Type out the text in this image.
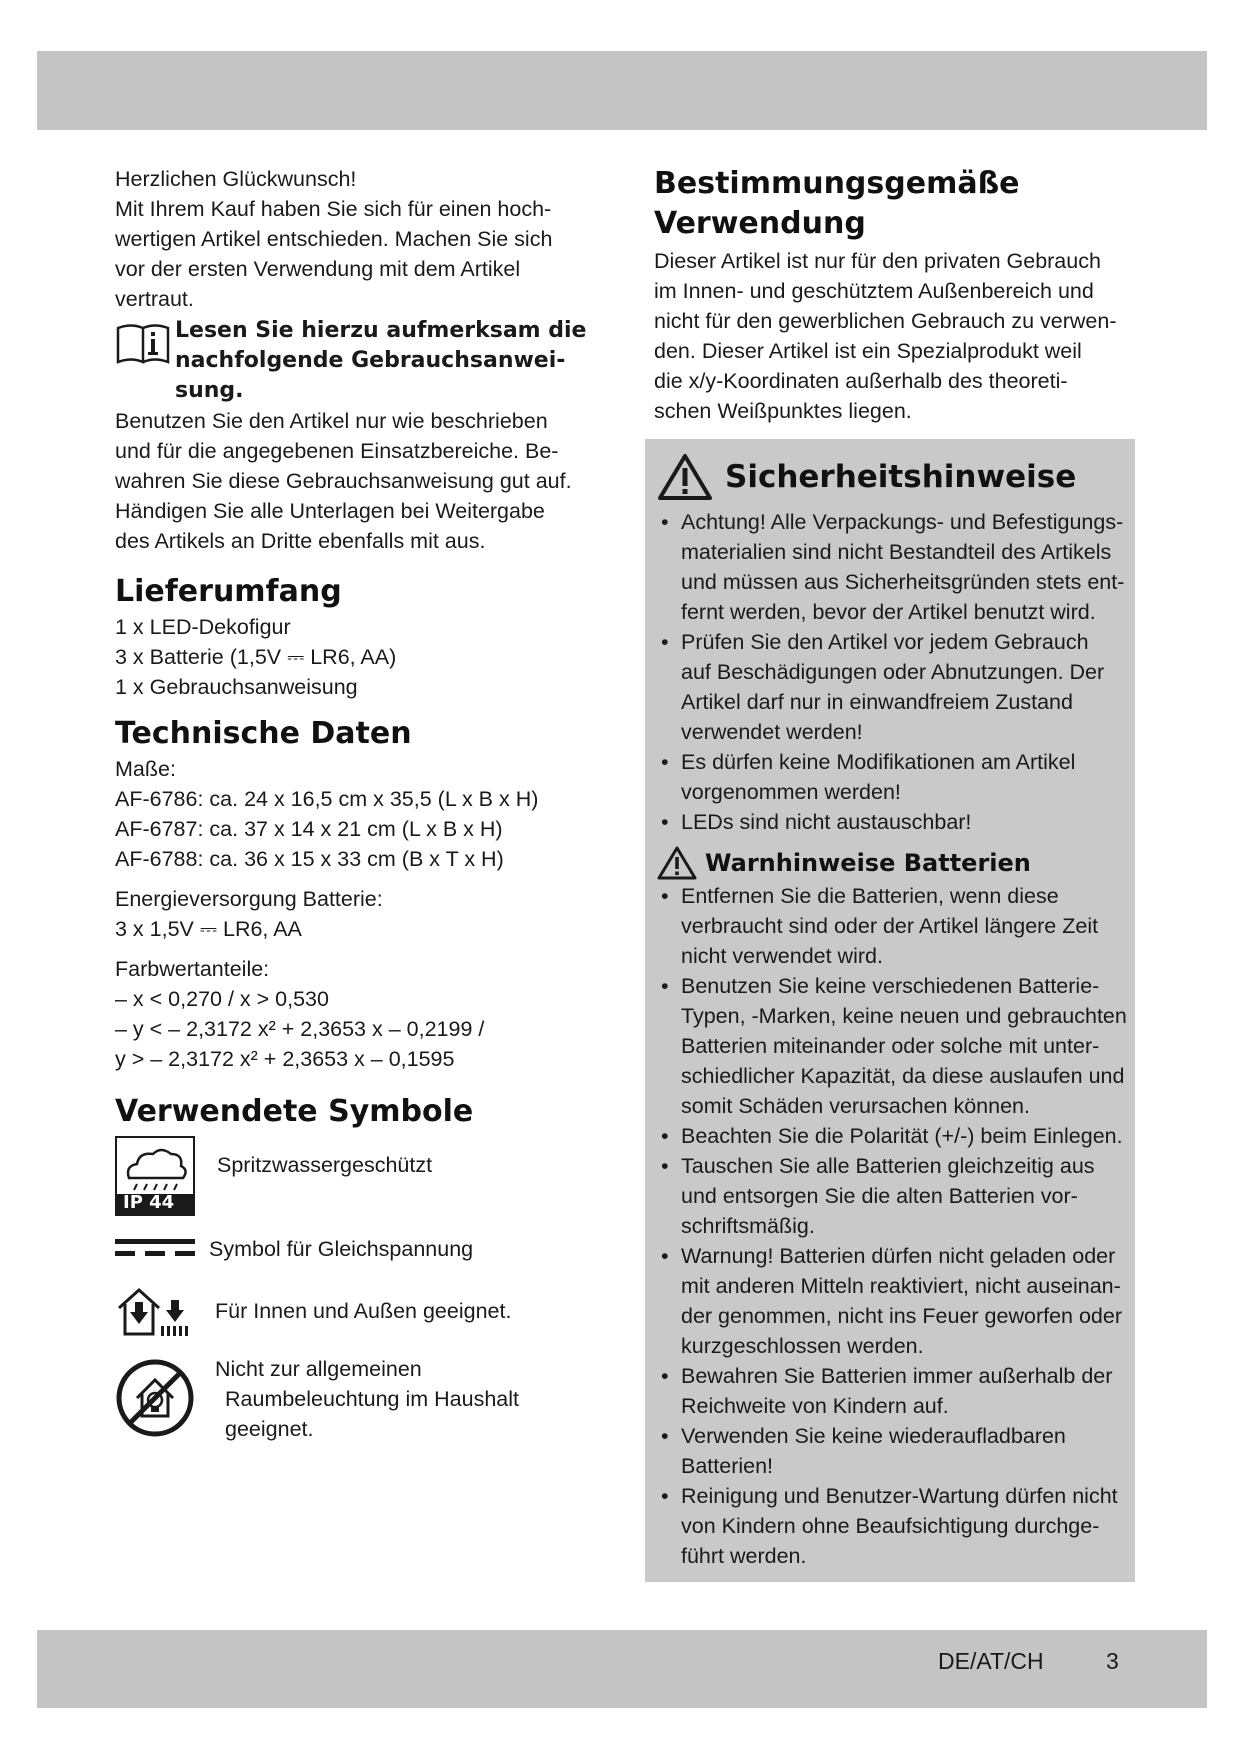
Herzlichen Glückwunsch!
Mit Ihrem Kauf haben Sie sich für einen hoch-
wertigen Artikel entschieden. Machen Sie sich
vor der ersten Verwendung mit dem Artikel
vertraut.
Lesen Sie hierzu aufmerksam die
nachfolgende Gebrauchsanwei-
sung.
Benutzen Sie den Artikel nur wie beschrieben
und für die angegebenen Einsatzbereiche. Be-
wahren Sie diese Gebrauchsanweisung gut auf.
Händigen Sie alle Unterlagen bei Weitergabe
des Artikels an Dritte ebenfalls mit aus.
Lieferumfang
1 x LED-Dekofigur
3 x Batterie (1,5V ⎓ LR6, AA)
1 x Gebrauchsanweisung
Technische Daten
Maße:
AF-6786: ca. 24 x 16,5 cm x 35,5 (L x B x H)
AF-6787: ca. 37 x 14 x 21 cm (L x B x H)
AF-6788: ca. 36 x 15 x 33 cm (B x T x H)
Energieversorgung Batterie:
3 x 1,5V ⎓ LR6, AA
Farbwertanteile:
– x < 0,270 / x > 0,530
– y < – 2,3172 x² + 2,3653 x – 0,2199 /
y > – 2,3172 x² + 2,3653 x – 0,1595
Verwendete Symbole
IP 44
Spritzwassergeschützt
Symbol für Gleichspannung
Für Innen und Außen geeignet.
Nicht zur allgemeinen
Raumbeleuchtung im Haushalt
geeignet.
Bestimmungsgemäße
Verwendung
Dieser Artikel ist nur für den privaten Gebrauch
im Innen- und geschütztem Außenbereich und
nicht für den gewerblichen Gebrauch zu verwen-
den. Dieser Artikel ist ein Spezialprodukt weil
die x/y-Koordinaten außerhalb des theoreti-
schen Weißpunktes liegen.
Sicherheitshinweise
• Achtung! Alle Verpackungs- und Befestigungs-
materialien sind nicht Bestandteil des Artikels
und müssen aus Sicherheitsgründen stets ent-
fernt werden, bevor der Artikel benutzt wird.
• Prüfen Sie den Artikel vor jedem Gebrauch
auf Beschädigungen oder Abnutzungen. Der
Artikel darf nur in einwandfreiem Zustand
verwendet werden!
• Es dürfen keine Modifikationen am Artikel
vorgenommen werden!
• LEDs sind nicht austauschbar!
Warnhinweise Batterien
• Entfernen Sie die Batterien, wenn diese
verbraucht sind oder der Artikel längere Zeit
nicht verwendet wird.
• Benutzen Sie keine verschiedenen Batterie-
Typen, -Marken, keine neuen und gebrauchten
Batterien miteinander oder solche mit unter-
schiedlicher Kapazität, da diese auslaufen und
somit Schäden verursachen können.
• Beachten Sie die Polarität (+/-) beim Einlegen.
• Tauschen Sie alle Batterien gleichzeitig aus
und entsorgen Sie die alten Batterien vor-
schriftsmäßig.
• Warnung! Batterien dürfen nicht geladen oder
mit anderen Mitteln reaktiviert, nicht auseinan-
der genommen, nicht ins Feuer geworfen oder
kurzgeschlossen werden.
• Bewahren Sie Batterien immer außerhalb der
Reichweite von Kindern auf.
• Verwenden Sie keine wiederaufladbaren
Batterien!
• Reinigung und Benutzer-Wartung dürfen nicht
von Kindern ohne Beaufsichtigung durchge-
führt werden.
DE/AT/CH	3
